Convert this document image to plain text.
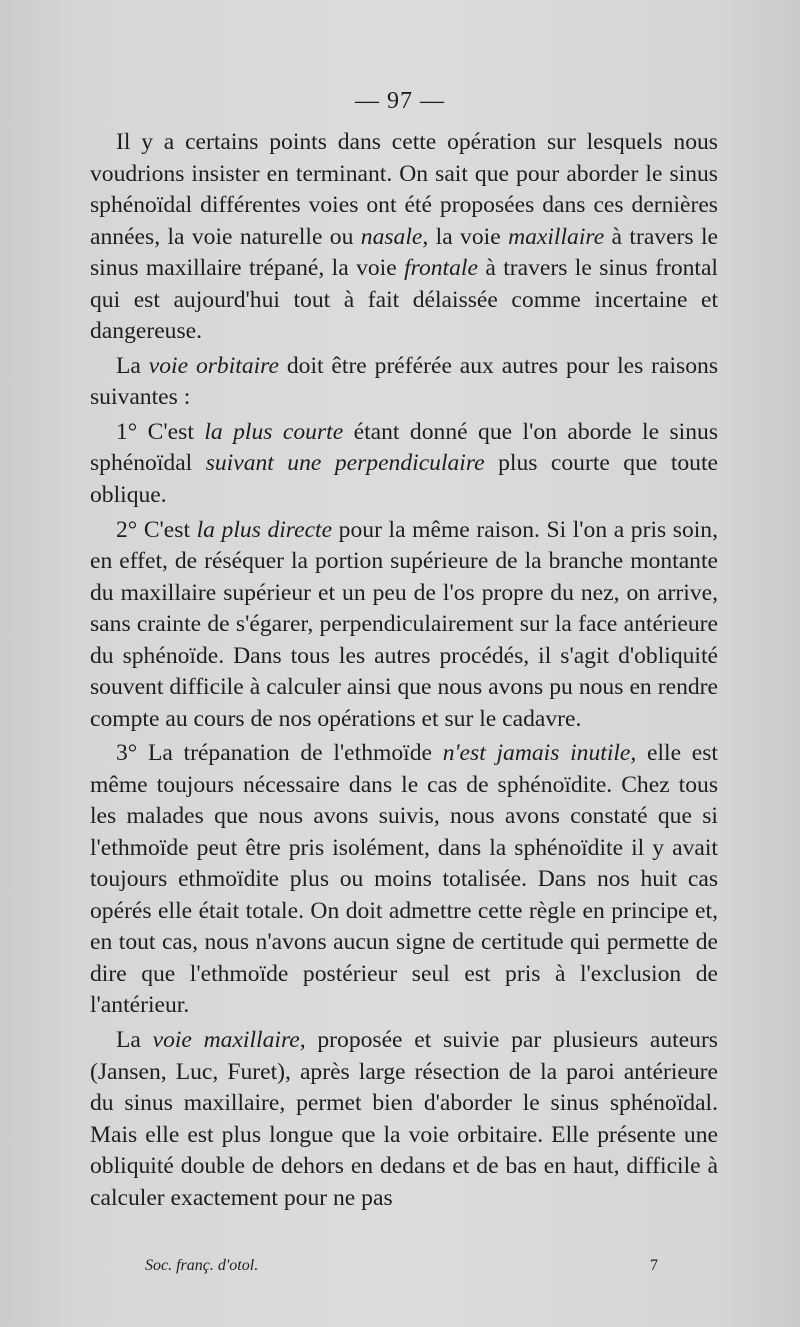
— 97 —

Il y a certains points dans cette opération sur lesquels nous voudrions insister en terminant. On sait que pour aborder le sinus sphénoïdal différentes voies ont été proposées dans ces dernières années, la voie naturelle ou nasale, la voie maxillaire à travers le sinus maxillaire trépané, la voie frontale à travers le sinus frontal qui est aujourd'hui tout à fait délaissée comme incertaine et dangereuse.

La voie orbitaire doit être préférée aux autres pour les raisons suivantes :

1° C'est la plus courte étant donné que l'on aborde le sinus sphénoïdal suivant une perpendiculaire plus courte que toute oblique.

2° C'est la plus directe pour la même raison. Si l'on a pris soin, en effet, de réséquer la portion supérieure de la branche montante du maxillaire supérieur et un peu de l'os propre du nez, on arrive, sans crainte de s'égarer, perpendiculairement sur la face antérieure du sphénoïde. Dans tous les autres procédés, il s'agit d'obliquité souvent difficile à calculer ainsi que nous avons pu nous en rendre compte au cours de nos opérations et sur le cadavre.

3° La trépanation de l'ethmoïde n'est jamais inutile, elle est même toujours nécessaire dans le cas de sphénoïdite. Chez tous les malades que nous avons suivis, nous avons constaté que si l'ethmoïde peut être pris isolément, dans la sphénoïdite il y avait toujours ethmoïdite plus ou moins totalisée. Dans nos huit cas opérés elle était totale. On doit admettre cette règle en principe et, en tout cas, nous n'avons aucun signe de certitude qui permette de dire que l'ethmoïde postérieur seul est pris à l'exclusion de l'antérieur.

La voie maxillaire, proposée et suivie par plusieurs auteurs (Jansen, Luc, Furet), après large résection de la paroi antérieure du sinus maxillaire, permet bien d'aborder le sinus sphénoïdal. Mais elle est plus longue que la voie orbitaire. Elle présente une obliquité double de dehors en dedans et de bas en haut, difficile à calculer exactement pour ne pas

Soc. franç. d'otol.	7
